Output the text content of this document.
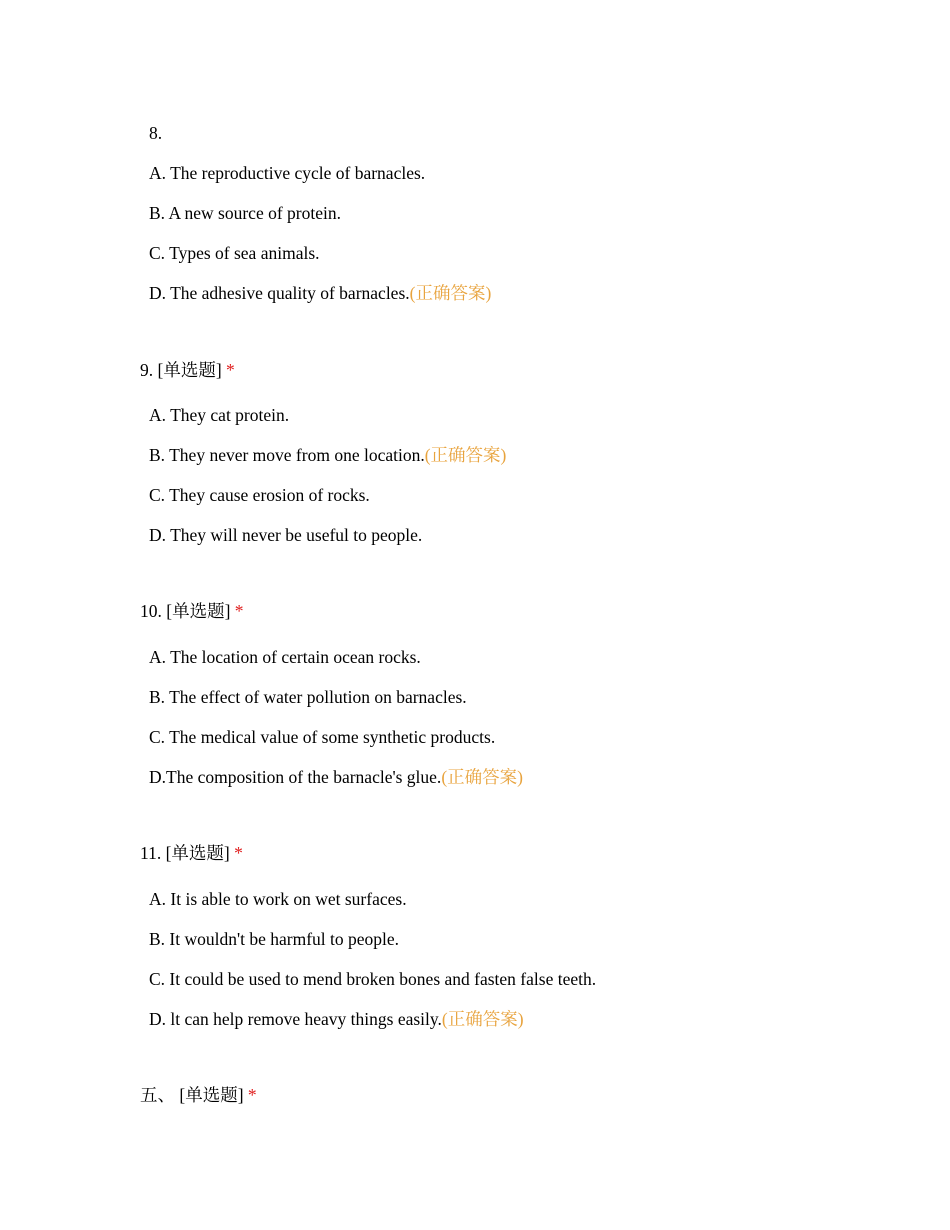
8.
A. The reproductive cycle of barnacles.
B. A new source of protein.
C. Types of sea animals.
D. The adhesive quality of barnacles.(正确答案)
9. [单选题] *
A. They cat protein.
B. They never move from one location.(正确答案)
C. They cause erosion of rocks.
D. They will never be useful to people.
10. [单选题] *
A. The location of certain ocean rocks.
B. The effect of water pollution on barnacles.
C. The medical value of some synthetic products.
D.The composition of the barnacle's glue.(正确答案)
11. [单选题] *
A. It is able to work on wet surfaces.
B. It wouldn't be harmful to people.
C. It could be used to mend broken bones and fasten false teeth.
D. lt can help remove heavy things easily.(正确答案)
五、 [单选题] *
